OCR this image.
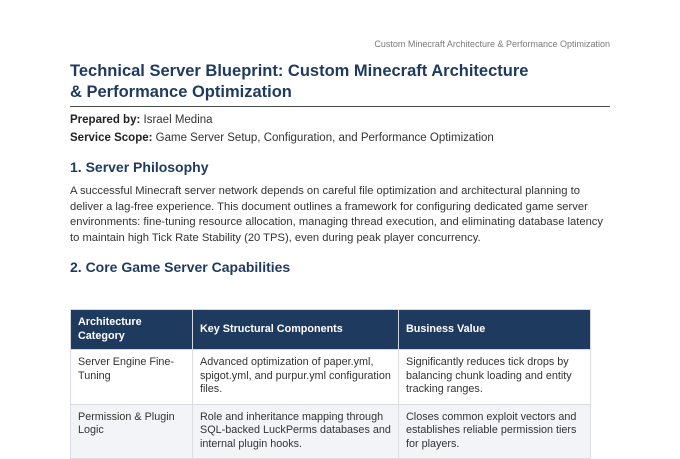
Custom Minecraft Architecture & Performance Optimization
Technical Server Blueprint: Custom Minecraft Architecture & Performance Optimization
Prepared by: Israel Medina
Service Scope: Game Server Setup, Configuration, and Performance Optimization
1. Server Philosophy

A successful Minecraft server network depends on careful file optimization and architectural planning to deliver a lag-free experience. This document outlines a framework for configuring dedicated game server environments: fine-tuning resource allocation, managing thread execution, and eliminating database latency to maintain high Tick Rate Stability (20 TPS), even during peak player concurrency.

2. Core Game Server Capabilities
Architecture Category	Key Structural Components	Business Value
Server Engine Fine-Tuning	Advanced optimization of paper.yml, spigot.yml, and purpur.yml configuration files.	Significantly reduces tick drops by balancing chunk loading and entity tracking ranges.
Permission & Plugin Logic	Role and inheritance mapping through SQL-backed LuckPerms databases and internal plugin hooks.	Closes common exploit vectors and establishes reliable permission tiers for players.
